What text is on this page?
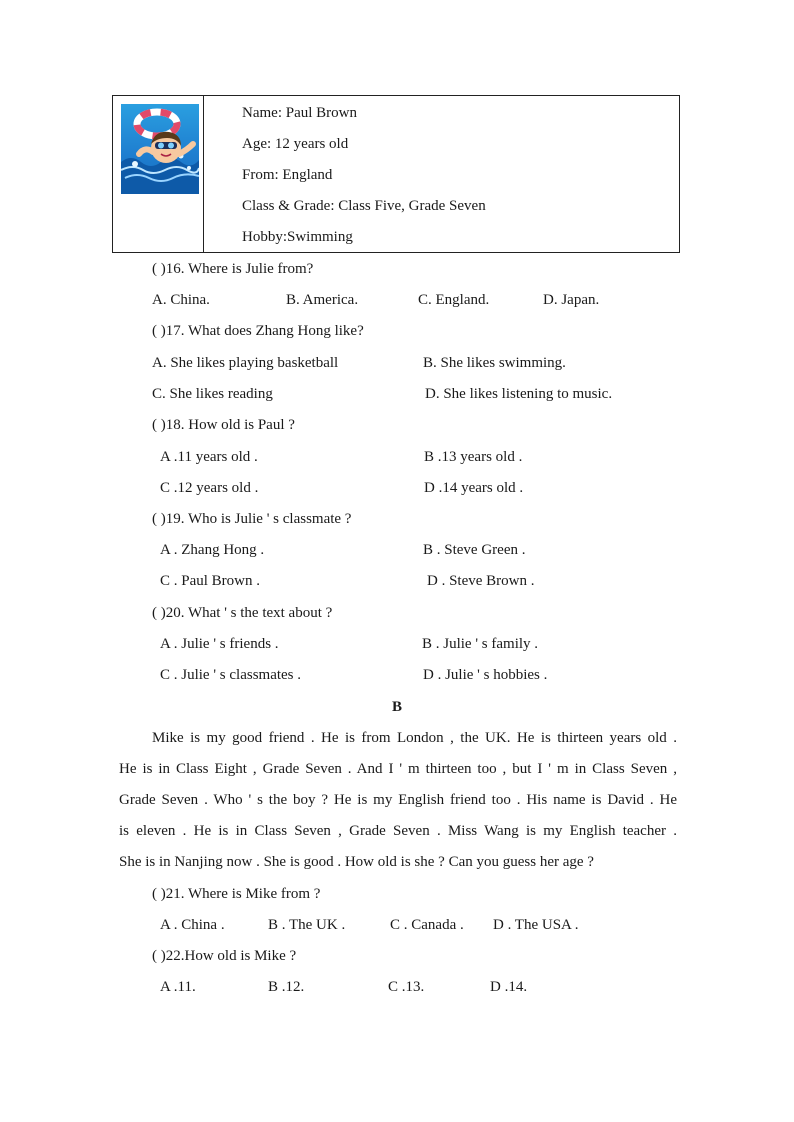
Name: Paul Brown
Age: 12 years old
From: England
Class & Grade: Class Five, Grade Seven
Hobby:Swimming
( )16. Where is Julie from?
A. China.	B. America.	C. England.	D. Japan.
( )17. What does Zhang Hong like?
A. She likes playing basketball	B. She likes swimming.
C. She likes reading	D. She likes listening to music.
( )18. How old is Paul ?
A .11 years old .	B .13 years old .
C .12 years old .	D .14 years old .
( )19. Who is Julie ' s classmate ?
A . Zhang Hong .	B . Steve Green .
C . Paul Brown .	D . Steve Brown .
( )20. What ' s the text about ?
A . Julie ' s friends .	B . Julie ' s family .
C . Julie ' s classmates .	D . Julie ' s hobbies .
B
Mike is my good friend . He is from London , the UK. He is thirteen years old .
He is in Class Eight , Grade Seven . And I ' m thirteen too , but I ' m in Class Seven ,
Grade Seven . Who ' s the boy ? He is my English friend too . His name is David . He
is eleven . He is in Class Seven , Grade Seven . Miss Wang is my English teacher .
She is in Nanjing now . She is good . How old is she ? Can you guess her age ?
( )21. Where is Mike from ?
A . China .	B . The UK .	C . Canada . D . The USA .
( )22.How old is Mike ?
A .11.	B .12.	C .13.	D .14.
